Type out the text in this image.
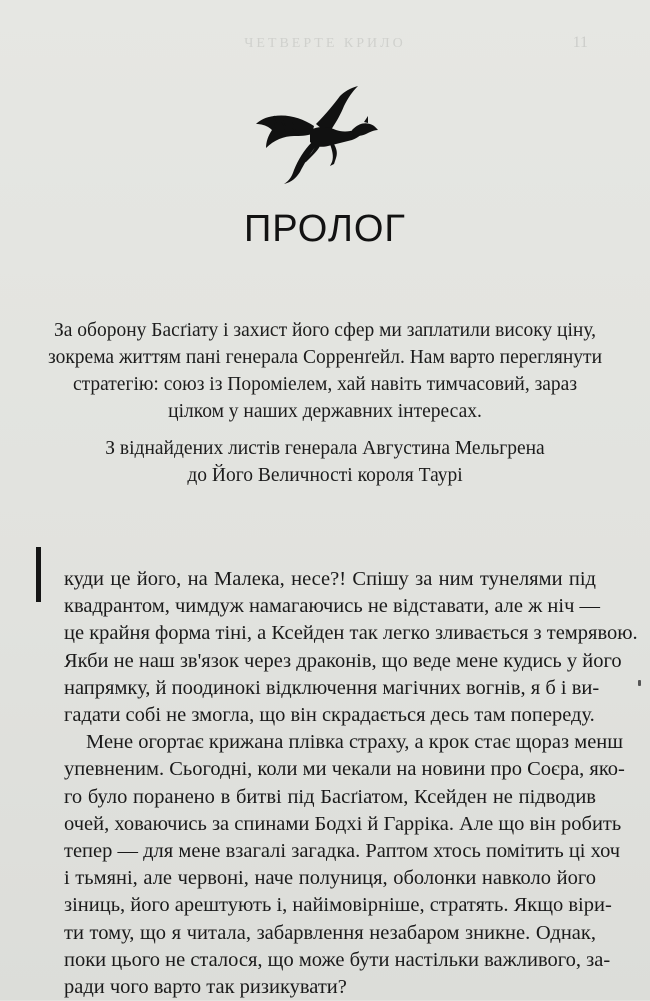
ЧЕТВЕРТЕ КРИЛО	11
ПРОЛОГ
За оборону Басґіату і захист його сфер ми заплатили високу ціну,
зокрема життям пані генерала Сорренґейл. Нам варто переглянути
стратегію: союз із Пороміелем, хай навіть тимчасовий, зараз
цілком у наших державних інтересах.
З віднайдених листів генерала Августина Мельгрена
до Його Величності короля Таурі
куди це його, на Малека, несе?! Спішу за ним тунелями під
квадрантом, чимдуж намагаючись не відставати, але ж ніч —
це крайня форма тіні, а Ксейден так легко зливається з темрявою.
Якби не наш зв'язок через драконів, що веде мене кудись у його
напрямку, й поодинокі відключення магічних вогнів, я б і ви-
гадати собі не змогла, що він скрадається десь там попереду.
Мене огортає крижана плівка страху, а крок стає щораз менш
упевненим. Сьогодні, коли ми чекали на новини про Соєра, яко-
го було поранено в битві під Басґіатом, Ксейден не підводив
очей, ховаючись за спинами Бодхі й Гарріка. Але що він робить
тепер — для мене взагалі загадка. Раптом хтось помітить ці хоч
і тьмяні, але червоні, наче полуниця, оболонки навколо його
зіниць, його арештують і, найімовірніше, стратять. Якщо віри-
ти тому, що я читала, забарвлення незабаром зникне. Однак,
поки цього не сталося, що може бути настільки важливого, за-
ради чого варто так ризикувати?
